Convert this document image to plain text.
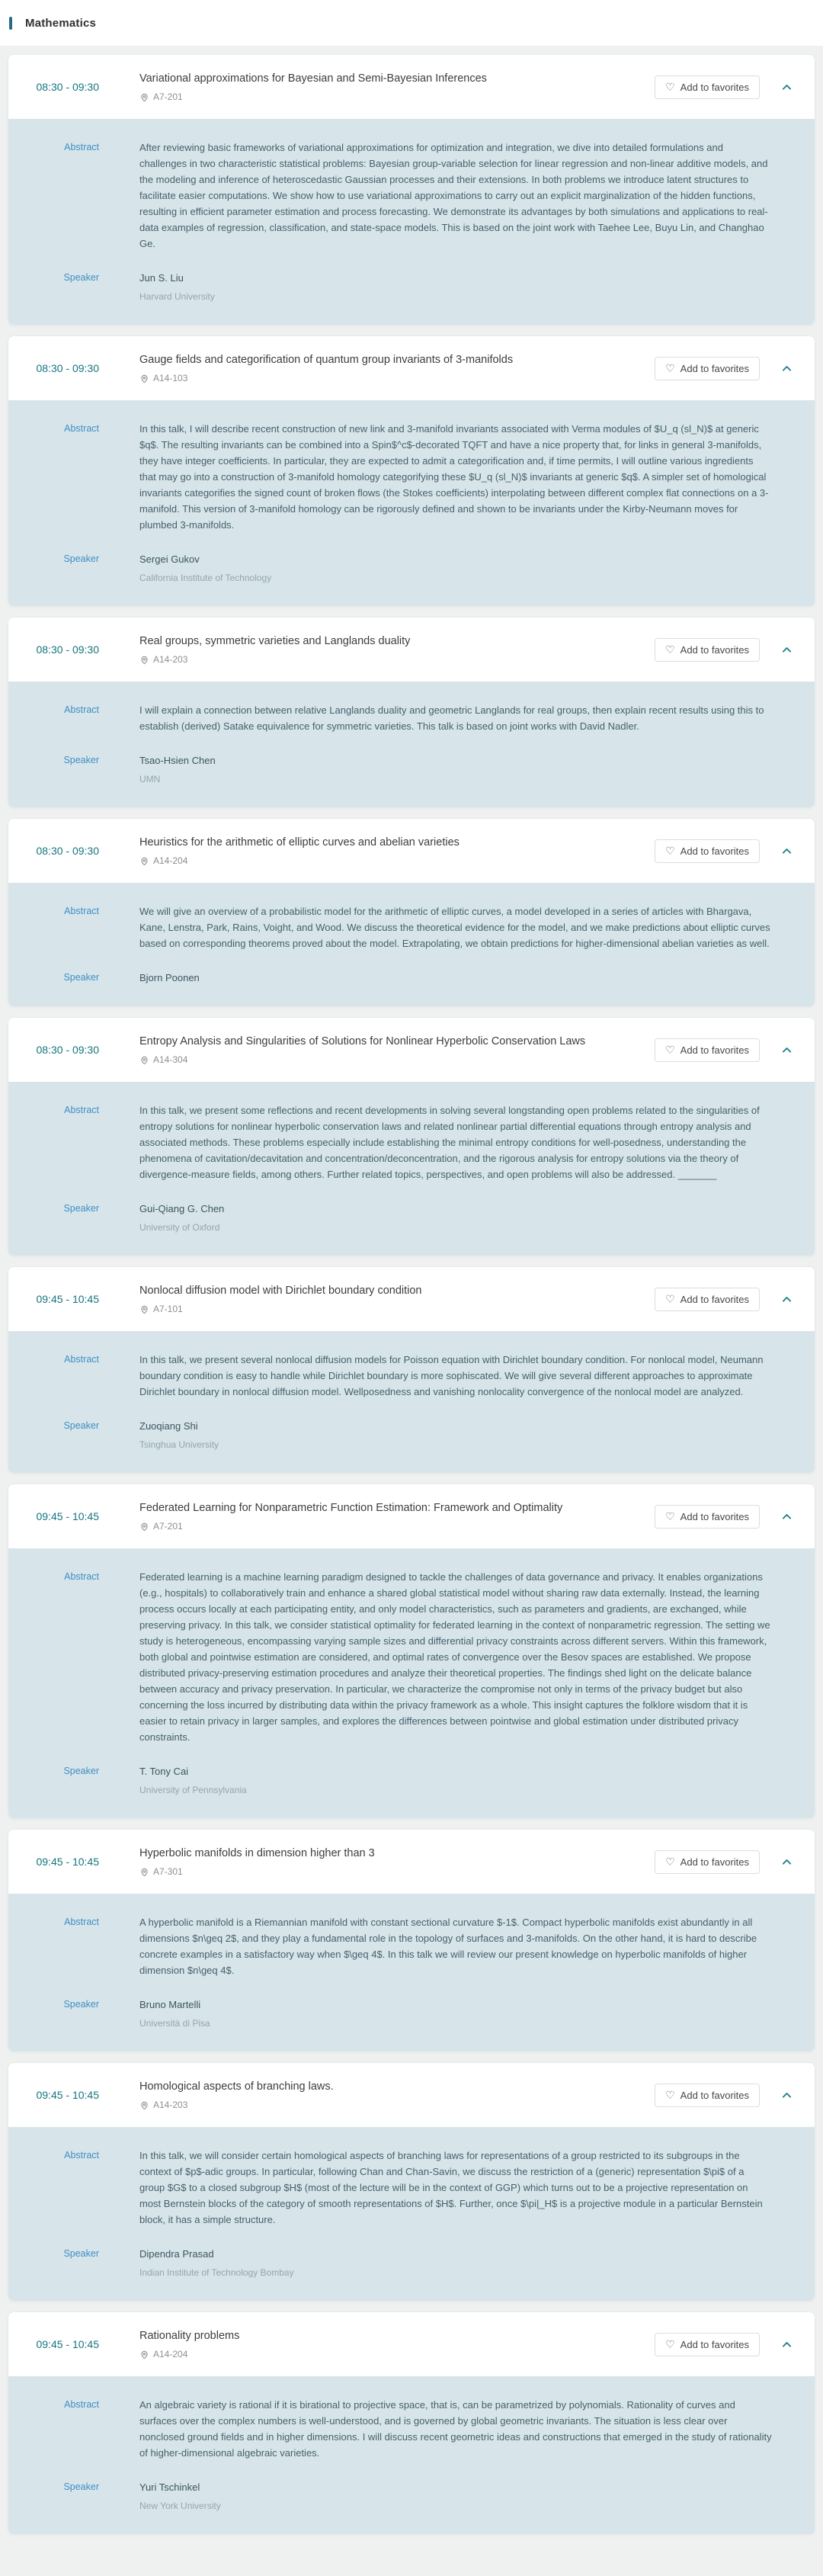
Mathematics
08:30 - 09:30
Variational approximations for Bayesian and Semi-Bayesian Inferences
A7-201
♡ Add to favorites
Abstract	After reviewing basic frameworks of variational approximations for optimization and integration, we dive into detailed formulations and challenges in two characteristic statistical problems: Bayesian group-variable selection for linear regression and non-linear additive models, and the modeling and inference of heteroscedastic Gaussian processes and their extensions. In both problems we introduce latent structures to facilitate easier computations. We show how to use variational approximations to carry out an explicit marginalization of the hidden functions, resulting in efficient parameter estimation and process forecasting. We demonstrate its advantages by both simulations and applications to real-data examples of regression, classification, and state-space models. This is based on the joint work with Taehee Lee, Buyu Lin, and Changhao Ge.
Speaker	Jun S. Liu
Harvard University
08:30 - 09:30
Gauge fields and categorification of quantum group invariants of 3-manifolds
A14-103
♡ Add to favorites
Abstract	In this talk, I will describe recent construction of new link and 3-manifold invariants associated with Verma modules of $U_q (sl_N)$ at generic $q$. The resulting invariants can be combined into a Spin$^c$-decorated TQFT and have a nice property that, for links in general 3-manifolds, they have integer coefficients. In particular, they are expected to admit a categorification and, if time permits, I will outline various ingredients that may go into a construction of 3-manifold homology categorifying these $U_q (sl_N)$ invariants at generic $q$. A simpler set of homological invariants categorifies the signed count of broken flows (the Stokes coefficients) interpolating between different complex flat connections on a 3-manifold. This version of 3-manifold homology can be rigorously defined and shown to be invariants under the Kirby-Neumann moves for plumbed 3-manifolds.
Speaker	Sergei Gukov
California Institute of Technology
08:30 - 09:30
Real groups, symmetric varieties and Langlands duality
A14-203
♡ Add to favorites
Abstract	I will explain a connection between relative Langlands duality and geometric Langlands for real groups, then explain recent results using this to establish (derived) Satake equivalence for symmetric varieties. This talk is based on joint works with David Nadler.
Speaker	Tsao-Hsien Chen
UMN
08:30 - 09:30
Heuristics for the arithmetic of elliptic curves and abelian varieties
A14-204
♡ Add to favorites
Abstract	We will give an overview of a probabilistic model for the arithmetic of elliptic curves, a model developed in a series of articles with Bhargava, Kane, Lenstra, Park, Rains, Voight, and Wood. We discuss the theoretical evidence for the model, and we make predictions about elliptic curves based on corresponding theorems proved about the model. Extrapolating, we obtain predictions for higher-dimensional abelian varieties as well.
Speaker	Bjorn Poonen
08:30 - 09:30
Entropy Analysis and Singularities of Solutions for Nonlinear Hyperbolic Conservation Laws
A14-304
♡ Add to favorites
Abstract	In this talk, we present some reflections and recent developments in solving several longstanding open problems related to the singularities of entropy solutions for nonlinear hyperbolic conservation laws and related nonlinear partial differential equations through entropy analysis and associated methods. These problems especially include establishing the minimal entropy conditions for well-posedness, understanding the phenomena of cavitation/decavitation and concentration/deconcentration, and the rigorous analysis for entropy solutions via the theory of divergence-measure fields, among others. Further related topics, perspectives, and open problems will also be addressed. _______
Speaker	Gui-Qiang G. Chen
University of Oxford
09:45 - 10:45
Nonlocal diffusion model with Dirichlet boundary condition
A7-101
♡ Add to favorites
Abstract	In this talk, we present several nonlocal diffusion models for Poisson equation with Dirichlet boundary condition. For nonlocal model, Neumann boundary condition is easy to handle while Dirichlet boundary is more sophiscated. We will give several different approaches to approximate Dirichlet boundary in nonlocal diffusion model. Wellposedness and vanishing nonlocality convergence of the nonlocal model are analyzed.
Speaker	Zuoqiang Shi
Tsinghua University
09:45 - 10:45
Federated Learning for Nonparametric Function Estimation: Framework and Optimality
A7-201
♡ Add to favorites
Abstract	Federated learning is a machine learning paradigm designed to tackle the challenges of data governance and privacy. It enables organizations (e.g., hospitals) to collaboratively train and enhance a shared global statistical model without sharing raw data externally. Instead, the learning process occurs locally at each participating entity, and only model characteristics, such as parameters and gradients, are exchanged, while preserving privacy. In this talk, we consider statistical optimality for federated learning in the context of nonparametric regression. The setting we study is heterogeneous, encompassing varying sample sizes and differential privacy constraints across different servers. Within this framework, both global and pointwise estimation are considered, and optimal rates of convergence over the Besov spaces are established. We propose distributed privacy-preserving estimation procedures and analyze their theoretical properties. The findings shed light on the delicate balance between accuracy and privacy preservation. In particular, we characterize the compromise not only in terms of the privacy budget but also concerning the loss incurred by distributing data within the privacy framework as a whole. This insight captures the folklore wisdom that it is easier to retain privacy in larger samples, and explores the differences between pointwise and global estimation under distributed privacy constraints.
Speaker	T. Tony Cai
University of Pennsylvania
09:45 - 10:45
Hyperbolic manifolds in dimension higher than 3
A7-301
♡ Add to favorites
Abstract	A hyperbolic manifold is a Riemannian manifold with constant sectional curvature $-1$. Compact hyperbolic manifolds exist abundantly in all dimensions $n\geq 2$, and they play a fundamental role in the topology of surfaces and 3-manifolds. On the other hand, it is hard to describe concrete examples in a satisfactory way when $\geq 4$. In this talk we will review our present knowledge on hyperbolic manifolds of higher dimension $n\geq 4$.
Speaker	Bruno Martelli
Università di Pisa
09:45 - 10:45
Homological aspects of branching laws.
A14-203
♡ Add to favorites
Abstract	In this talk, we will consider certain homological aspects of branching laws for representations of a group restricted to its subgroups in the context of $p$-adic groups. In particular, following Chan and Chan-Savin, we discuss the restriction of a (generic) representation $\pi$ of a group $G$ to a closed subgroup $H$ (most of the lecture will be in the context of GGP) which turns out to be a projective representation on most Bernstein blocks of the category of smooth representations of $H$. Further, once $\pi|_H$ is a projective module in a particular Bernstein block, it has a simple structure.
Speaker	Dipendra Prasad
Indian Institute of Technology Bombay
09:45 - 10:45
Rationality problems
A14-204
♡ Add to favorites
Abstract	An algebraic variety is rational if it is birational to projective space, that is, can be parametrized by polynomials. Rationality of curves and surfaces over the complex numbers is well-understood, and is governed by global geometric invariants. The situation is less clear over nonclosed ground fields and in higher dimensions. I will discuss recent geometric ideas and constructions that emerged in the study of rationality of higher-dimensional algebraic varieties.
Speaker	Yuri Tschinkel
New York University
